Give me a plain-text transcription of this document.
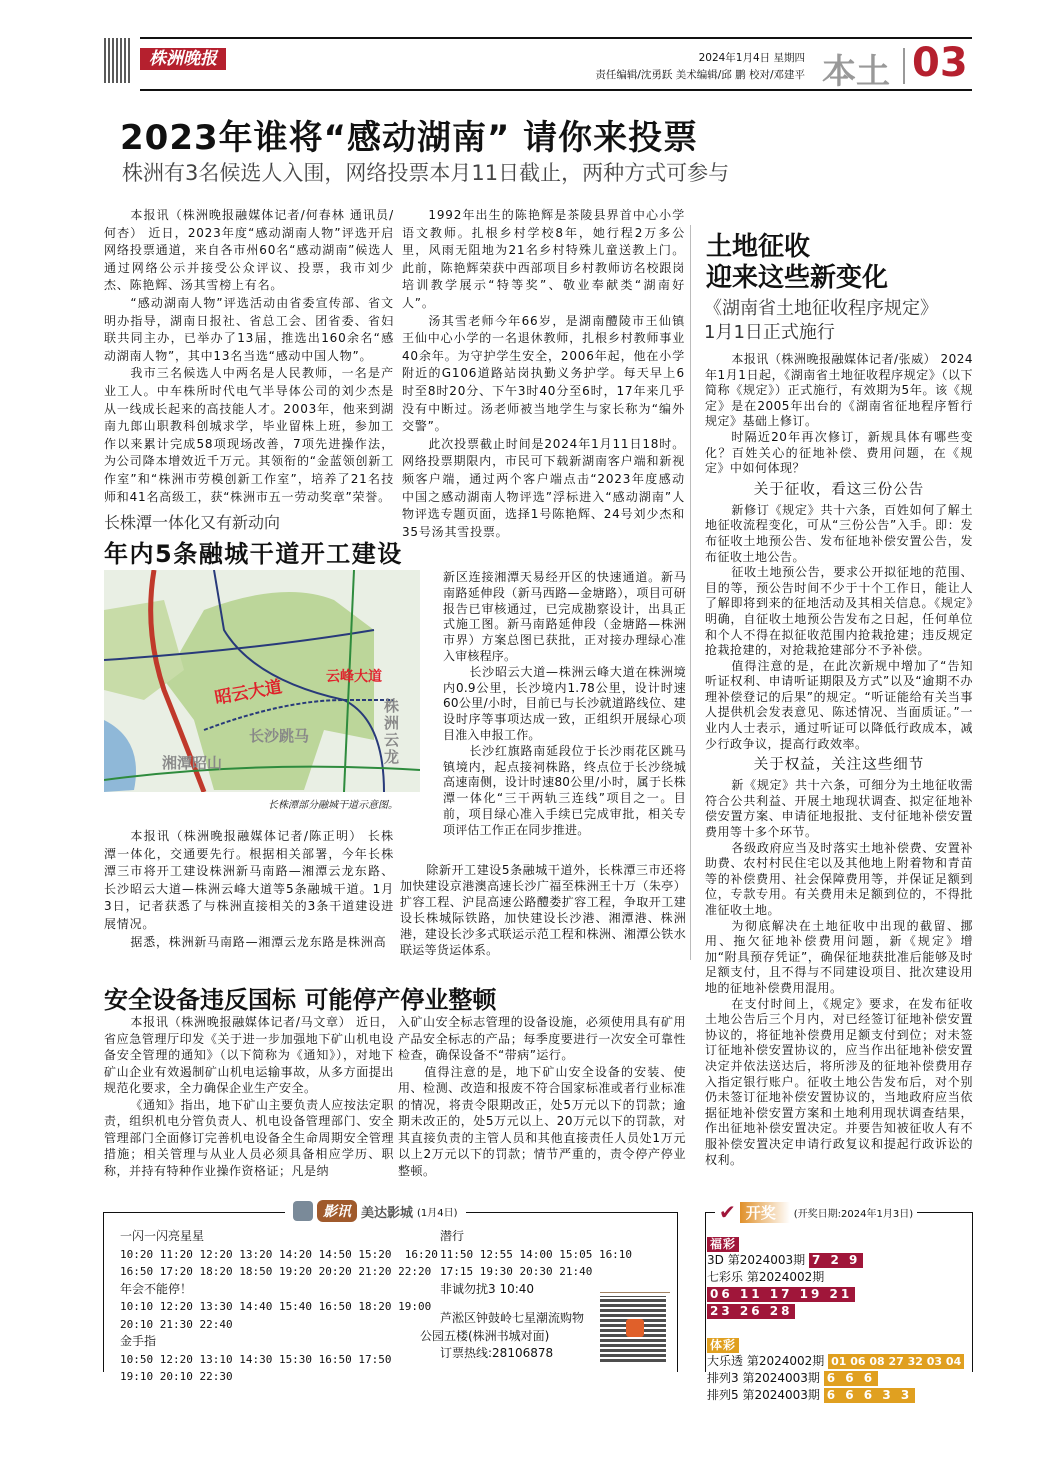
株洲晚报	2024年1月4日 星期四
责任编辑/沈勇跃 美术编辑/邱 鹏 校对/邓建平 本土 03
2023年谁将“感动湖南” 请你来投票
株洲有3名候选人入围，网络投票本月11日截止，两种方式可参与

本报讯（株洲晚报融媒体记者/何春林 通讯员/何杏） 近日，2023年度“感动湖南人物”评选开启网络投票通道，来自各市州60名“感动湖南”候选人通过网络公示并接受公众评议、投票，我市刘少杰、陈艳辉、汤其雪榜上有名。

“感动湖南人物”评选活动由省委宣传部、省文明办指导，湖南日报社、省总工会、团省委、省妇联共同主办，已举办了13届，推选出160余名“感动湖南人物”，其中13名当选“感动中国人物”。

我市三名候选人中两名是人民教师，一名是产业工人。中车株所时代电气半导体公司的刘少杰是从一线成长起来的高技能人才。2003年，他来到湖南九郎山职教科创城求学，毕业留株上班，参加工作以来累计完成58项现场改善，7项先进操作法，为公司降本增效近千万元。其领衔的“金蓝领创新工作室”和“株洲市劳模创新工作室”，培养了21名技师和41名高级工，获“株洲市五一劳动奖章”荣誉。

1992年出生的陈艳辉是茶陵县界首中心小学语文教师。扎根乡村学校8年，她行程2万多公里，风雨无阻地为21名乡村特殊儿童送教上门。此前，陈艳辉荣获中西部项目乡村教师访名校跟岗培训教学展示“特等奖”、敬业奉献类“湖南好人”。

汤其雪老师今年66岁，是湖南醴陵市王仙镇王仙中心小学的一名退休教师，扎根乡村教师事业40余年。为守护学生安全，2006年起，他在小学附近的G106道路站岗执勤义务护学。每天早上6时至8时20分、下午3时40分至6时，17年来几乎没有中断过。汤老师被当地学生与家长称为“编外交警”。

此次投票截止时间是2024年1月11日18时。网络投票期限内，市民可下载新湖南客户端和新视频客户端，通过两个客户端点击“2023年度感动中国之感动湖南人物评选”浮标进入“感动湖南”人物评选专题页面，选择1号陈艳辉、24号刘少杰和35号汤其雪投票。

土地征收
迎来这些新变化
《湖南省土地征收程序规定》
1月1日正式施行

本报讯（株洲晚报融媒体记者/张威） 2024年1月1日起，《湖南省土地征收程序规定》（以下简称《规定》）正式施行，有效期为5年。该《规定》是在2005年出台的《湖南省征地程序暂行规定》基础上修订。

时隔近20年再次修订，新规具体有哪些变化？百姓关心的征地补偿、费用问题，在《规定》中如何体现？

关于征收，看这三份公告

新修订《规定》共十六条，百姓如何了解土地征收流程变化，可从“三份公告”入手。即：发布征收土地预公告、发布征地补偿安置公告，发布征收土地公告。

征收土地预公告，要求公开拟征地的范围、目的等，预公告时间不少于十个工作日，能让人了解即将到来的征地活动及其相关信息。《规定》明确，自征收土地预公告发布之日起，任何单位和个人不得在拟征收范围内抢栽抢建；违反规定抢栽抢建的，对抢栽抢建部分不予补偿。

值得注意的是，在此次新规中增加了“告知听证权利、申请听证期限及方式”以及“逾期不办理补偿登记的后果”的规定。“听证能给有关当事人提供机会发表意见、陈述情况、当面质证。”一业内人士表示，通过听证可以降低行政成本，减少行政争议，提高行政效率。

关于权益，关注这些细节

新《规定》共十六条，可细分为土地征收需符合公共利益、开展土地现状调查、拟定征地补偿安置方案、申请征地报批、支付征地补偿安置费用等十多个环节。

各级政府应当及时落实土地补偿费、安置补助费、农村村民住宅以及其他地上附着物和青苗等的补偿费用、社会保障费用等，并保证足额到位，专款专用。有关费用未足额到位的，不得批准征收土地。

为彻底解决在土地征收中出现的截留、挪用、拖欠征地补偿费用问题，新《规定》增加“附具预存凭证”，确保征地获批准后能够及时足额支付，且不得与不同建设项目、批次建设用地的征地补偿费用混用。

在支付时间上，《规定》要求，在发布征收土地公告后三个月内，对已经签订征地补偿安置协议的，将征地补偿费用足额支付到位；对未签订征地补偿安置协议的，应当作出征地补偿安置决定并依法送达后，将所涉及的征地补偿费用存入指定银行账户。征收土地公告发布后，对个别仍未签订征地补偿安置协议的，当地政府应当依据征地补偿安置方案和土地利用现状调查结果，作出征地补偿安置决定。并要告知被征收人有不服补偿安置决定申请行政复议和提起行政诉讼的权利。

长株潭一体化又有新动向
年内5条融城干道开工建设
昭云大道
云峰大道
长沙跳马
湘潭昭山
株洲云龙
长株潭部分融城干道示意图。

新区连接湘潭天易经开区的快速通道。新马南路延伸段（新马西路—金塘路），项目可研报告已审核通过，已完成勘察设计，出具正式施工图。新马南路延伸段（金塘路—株洲市界）方案总图已获批，正对接办理绿心准入审核程序。

长沙昭云大道—株洲云峰大道在株洲境内0.9公里，长沙境内1.78公里，设计时速60公里/小时，目前已与长沙就道路线位、建设时序等事项达成一致，正组织开展绿心项目准入申报工作。

长沙红旗路南延段位于长沙雨花区跳马镇境内，起点接祠株路，终点位于长沙绕城高速南侧，设计时速80公里/小时，属于长株潭一体化“三干两轨三连线”项目之一。目前，项目绿心准入手续已完成审批，相关专项评估工作正在同步推进。

本报讯（株洲晚报融媒体记者/陈正明） 长株潭一体化，交通要先行。根据相关部署，今年长株潭三市将开工建设株洲新马南路—湘潭云龙东路、长沙昭云大道—株洲云峰大道等5条融城干道。1月3日，记者获悉了与株洲直接相关的3条干道建设进展情况。

据悉，株洲新马南路—湘潭云龙东路是株洲高

除新开工建设5条融城干道外，长株潭三市还将加快建设京港澳高速长沙广福至株洲王十万（朱亭）扩容工程、沪昆高速公路醴娄扩容工程，争取开工建设长株城际铁路，加快建设长沙港、湘潭港、株洲港，建设长沙多式联运示范工程和株洲、湘潭公铁水联运等货运体系。

安全设备违反国标 可能停产停业整顿

本报讯（株洲晚报融媒体记者/马文章） 近日，省应急管理厅印发《关于进一步加强地下矿山机电设备安全管理的通知》（以下简称为《通知》），对地下矿山企业有效遏制矿山机电运输事故，从多方面提出规范化要求，全力确保企业生产安全。

《通知》指出，地下矿山主要负责人应按法定职责，组织机电分管负责人、机电设备管理部门、安全管理部门全面修订完善机电设备全生命周期安全管理措施；相关管理与从业人员必须具备相应学历、职称，并持有特种作业操作资格证；凡是纳

入矿山安全标志管理的设备设施，必须使用具有矿用产品安全标志的产品；每季度要进行一次安全可靠性检查，确保设备不“带病”运行。

值得注意的是，地下矿山安全设备的安装、使用、检测、改造和报废不符合国家标准或者行业标准的情况，将责令限期改正，处5万元以下的罚款；逾期未改正的，处5万元以上、20万元以下的罚款，对其直接负责的主管人员和其他直接责任人员处1万元以上2万元以下的罚款；情节严重的，责令停产停业整顿。

影讯 美达影城 (1月4日)
一闪一闪亮星星
10:20 11:20 12:20 13:20 14:20 14:50 15:20  16:20
16:50 17:20 18:20 18:50 19:20 20:20 21:20 22:20
年会不能停！
10:10 12:20 13:30 14:40 15:40 16:50 18:20 19:00
20:10 21:30 22:40
金手指
10:50 12:20 13:10 14:30 15:30 16:50 17:50
19:10 20:10 22:30
潜行
11:50 12:55 14:00 15:05 16:10
17:15 19:30 20:30 21:40
非诚勿扰3 10:40
芦淞区钟鼓岭七星潮流购物
公园五楼(株洲书城对面)
订票热线:28106878
✔ 开奖	(开奖日期:2024年1月3日)
福彩
3D 第2024003期 7 2 9
七彩乐 第2024002期 06 11 17 19 21
23 26 28
体彩
大乐透 第2024002期 01 06 08 27 32 03 04
排列3 第2024003期 6 6 6
排列5 第2024003期 6 6 6 3 3
